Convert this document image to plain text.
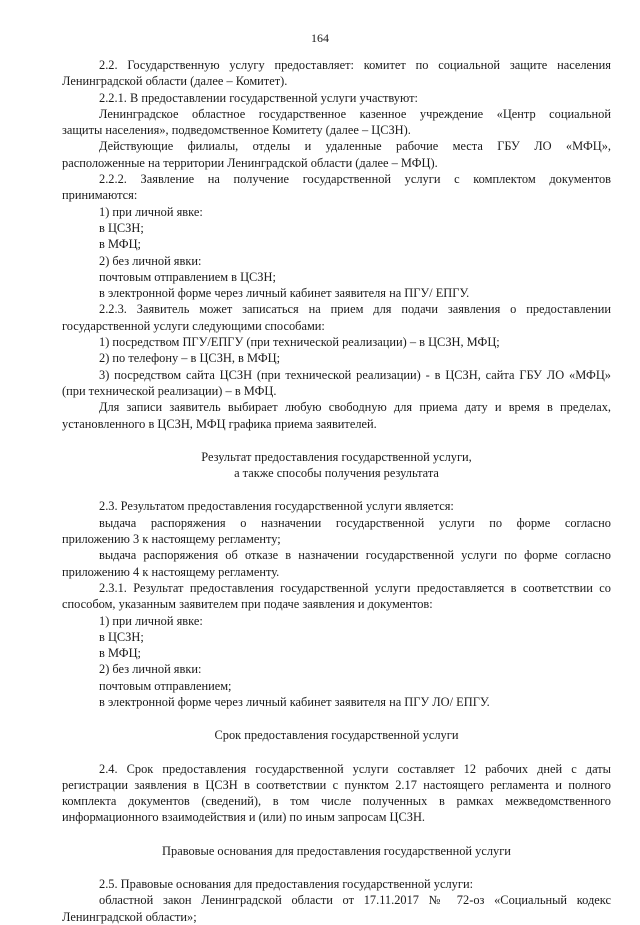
164
2.2. Государственную услугу предоставляет: комитет по социальной защите населения
Ленинградской области (далее – Комитет).
2.2.1. В предоставлении государственной услуги участвуют:
Ленинградское областное государственное казенное учреждение «Центр социальной
защиты населения», подведомственное Комитету (далее – ЦСЗН).
Действующие филиалы, отделы и удаленные рабочие места ГБУ ЛО «МФЦ»,
расположенные на территории Ленинградской области (далее – МФЦ).
2.2.2. Заявление на получение государственной услуги с комплектом документов
принимаются:
1) при личной явке:
в ЦСЗН;
в МФЦ;
2) без личной явки:
почтовым отправлением в ЦСЗН;
в электронной форме через личный кабинет заявителя на ПГУ/ ЕПГУ.
2.2.3. Заявитель может записаться на прием для подачи заявления о предоставлении
государственной услуги следующими способами:
1) посредством ПГУ/ЕПГУ (при технической реализации) – в ЦСЗН, МФЦ;
2) по телефону – в ЦСЗН, в МФЦ;
3) посредством сайта ЦСЗН (при технической реализации) - в ЦСЗН, сайта ГБУ ЛО «МФЦ»
(при технической реализации) – в МФЦ.
Для записи заявитель выбирает любую свободную для приема дату и время в пределах,
установленного в ЦСЗН, МФЦ графика приема заявителей.
Результат предоставления государственной услуги,
а также способы получения результата
2.3. Результатом предоставления государственной услуги является:
выдача распоряжения о назначении государственной услуги по форме согласно
приложению 3 к настоящему регламенту;
выдача распоряжения об отказе в назначении государственной услуги по форме согласно
приложению 4 к настоящему регламенту.
2.3.1. Результат предоставления государственной услуги предоставляется в соответствии со
способом, указанным заявителем при подаче заявления и документов:
1) при личной явке:
в ЦСЗН;
в МФЦ;
2) без личной явки:
почтовым отправлением;
в электронной форме через личный кабинет заявителя на ПГУ ЛО/ ЕПГУ.
Срок предоставления государственной услуги
2.4. Срок предоставления государственной услуги составляет 12 рабочих дней с даты
регистрации заявления в ЦСЗН в соответствии с пунктом 2.17 настоящего регламента и полного
комплекта документов (сведений), в том числе полученных в рамках межведомственного
информационного взаимодействия и (или) по иным запросам ЦСЗН.
Правовые основания для предоставления государственной услуги
2.5. Правовые основания для предоставления государственной услуги:
областной закон Ленинградской области от 17.11.2017 № 72-оз «Социальный кодекс
Ленинградской области»;
